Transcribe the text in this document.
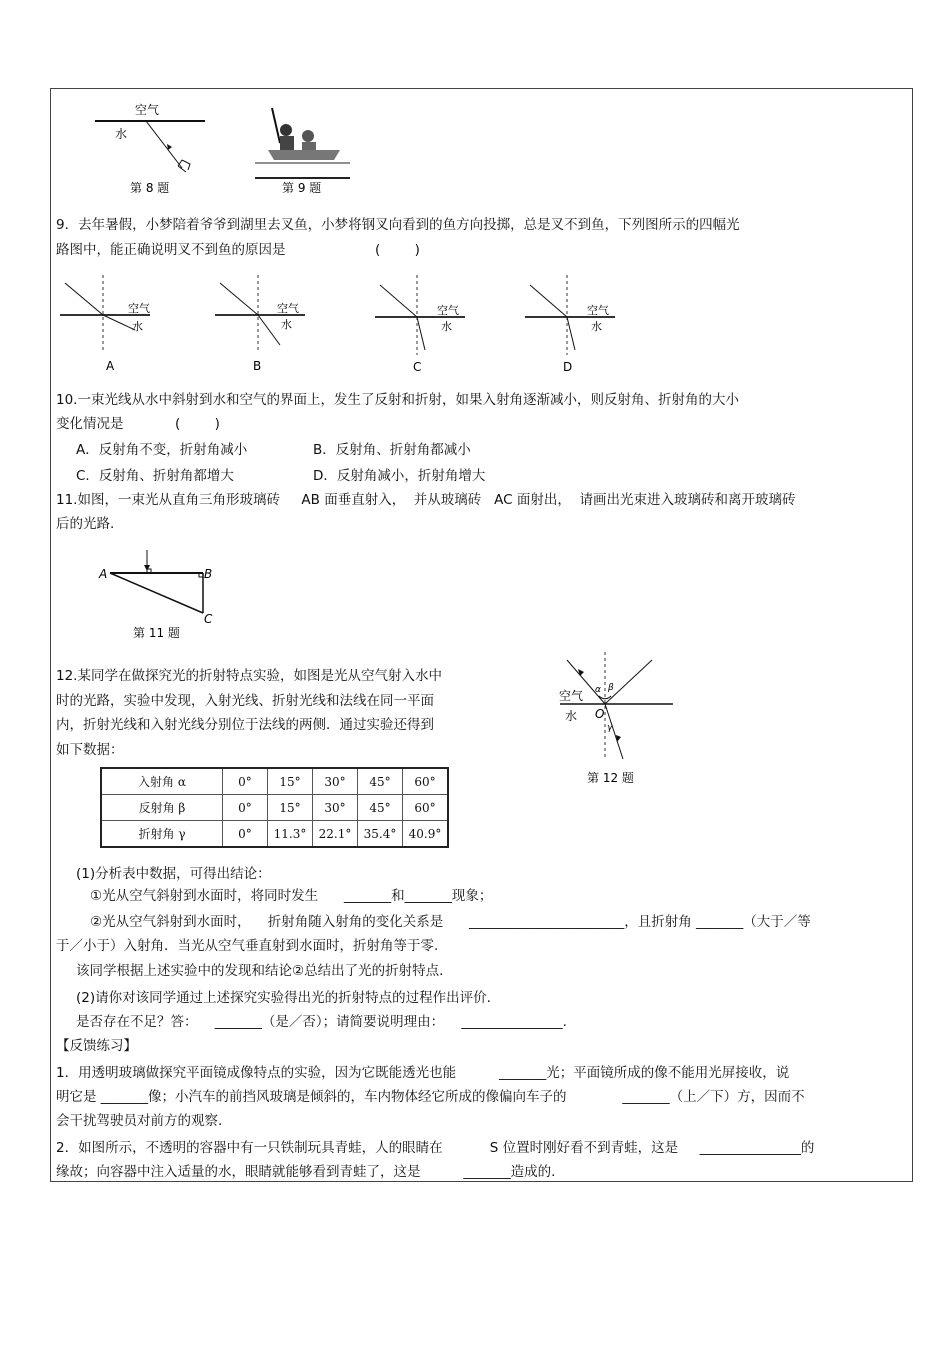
空气
水
第 8 题	第 9 题
9．去年暑假，小梦陪着爷爷到湖里去叉鱼，小梦将钢叉向看到的鱼方向投掷，总是叉不到鱼，下列图所示的四幅光
路图中，能正确说明叉不到鱼的原因是	(        )
空气
水
A
空气
水
B
空气
水
C
空气
水
D
10.一束光线从水中斜射到水和空气的界面上，发生了反射和折射，如果入射角逐渐减小，则反射角、折射角的大小
变化情况是	(        )
A．反射角不变，折射角减小	B．反射角、折射角都减小
C．反射角、折射角都增大	D．反射角减小，折射角增大
11.如图，一束光从直角三角形玻璃砖     AB 面垂直射入，  并从玻璃砖   AC 面射出，  请画出光束进入玻璃砖和离开玻璃砖
后的光路.
A	B
C
第 11 题
12.某同学在做探究光的折射特点实验，如图是光从空气射入水中
时的光路，实验中发现，入射光线、折射光线和法线在同一平面
内，折射光线和入射光线分别位于法线的两侧．通过实验还得到
如下数据：
入射角 α	0°	15°	30°	45°	60°
反射角 β	0°	15°	30°	45°	60°
折射角 γ	0°	11.3°	22.1°	35.4°	40.9°
α β
γ
空气
水 O
第 12 题
(1)分析表中数据，可得出结论：
①光从空气斜射到水面时，将同时发生      _______和_______现象；
②光从空气斜射到水面时，    折射角随入射角的变化关系是      _______________________，且折射角 _______（大于／等
于／小于）入射角．当光从空气垂直射到水面时，折射角等于零.
该同学根据上述实验中的发现和结论②总结出了光的折射特点.
(2)请你对该同学通过上述探究实验得出光的折射特点的过程作出评价.
是否存在不足？答：    _______（是／否）；请简要说明理由：    _______________.
【反馈练习】
1．用透明玻璃做探究平面镜成像特点的实验，因为它既能透光也能          _______光；平面镜所成的像不能用光屏接收，说
明它是 _______像；小汽车的前挡风玻璃是倾斜的，车内物体经它所成的像偏向车子的             _______（上／下）方，因而不
会干扰驾驶员对前方的观察.
2．如图所示，不透明的容器中有一只铁制玩具青蛙，人的眼睛在           S 位置时刚好看不到青蛙，这是     _______________的
缘故；向容器中注入适量的水，眼睛就能够看到青蛙了，这是          _______造成的.
